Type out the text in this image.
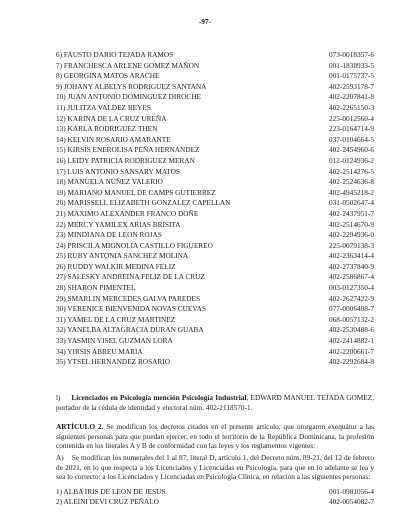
-97-
6) FAUSTO DARIO TEJADA RAMOS	073-0018357-6
7) FRANCHESCA ARLENE GOMEZ MAÑON	001-1838933-5
8) GEORGINA MATOS ARACHE	001-0175737-5
9) JOHANY ALBELYS RODRIGUEZ SANTANA	402-2593178-7
10) JUAN ANTONIO DOMINGUEZ DIROCHE	402-2207841-8
11) JULITZA VALDEZ REYES	402-2265150-3
12) KARINA DE LA CRUZ UREÑA	225-0012560-4
13) KARLA RODRIGUEZ THEN	223-0164714-9
14) KELVIN ROSARIO AMARANTE	037-0104664-5
15) KIRSIS ENEROLISA PEÑA HERNANDEZ	402-2454960-6
16) LEIDY PATRICIA RODRIGUEZ MERAN	012-0124936-2
17) LUIS ANTONIO SANSARY MATOS	402-2514276-5
18) MANUELA NUÑEZ VALERIO	402-2524636-8
19) MARIANO MANUEL DE CAMPS GUTIERREZ	402-4945218-2
20) MARISSELL ELIZABETH GONZALEZ CAPELLAN	031-0502647-4
21) MAXIMO ALEXANDER FRANCO DOÑE	402-2437951-7
22) MERCY YAMILEX ARIAS BRISITA	402-2514670-9
23) MINDIANA DE LEON ROJAS	402-2294936-0
24) PRISCILA MIGNOLIA CASTILLO FIGUEREO	225-0079138-3
25) RUBY ANTONIA SANCHEZ MOLINA	402-2363414-4
26) RUDDY WALKIR MEDINA FELIZ	402-2737840-9
27) SALESKY ANDREINA FELIZ DE LA CRUZ	402-2586867-4
28) SHARON PIMENTEL	003-0127350-4
29) SMARLIN MERCEDES GALVA PAREDES	402-2627422-9
30) VERENICE BIENVENIDA NOVAS CUEVAS	077-0006408-7
31) YAMEL DE LA CRUZ MARTINEZ	068-0057132-2
32) YANELBA ALTAGRACIA DURAN GUABA	402-2530488-6
33) YASMIN YISEL GUZMAN LORA	402-2414882-1
34) YIRSIS ABREU MARIA	402-2200661-7
35) YTSEL HERNANDEZ ROSARIO	402-2292684-8

l) Licenciados en Psicología mención Psicología Industrial, EDWARD MANUEL TEJADA GOMEZ, portador de la cédula de identidad y electoral núm. 402-2118570-1.

ARTÍCULO 2. Se modifican los decretos citados en el presente artículo, que otorgaron exequátur a las siguientes personas para que puedan ejercer, en todo el territorio de la República Dominicana, la profesión contenida en los literales A y B de conformidad con las leyes y los reglamentos vigentes:

A) Se modifican los numerales del 1 al 87, literal D, artículo 1, del Decreto núm. 89-21, del 12 de febrero de 2021, en lo que respecta a los Licenciados y Licenciadas en Psicología, para que en lo adelante se lea y sea lo correcto: a los Licenciados y Licenciadas en Psicología Clínica, en relación a las siguientes personas:

1) ALBA IRIS DE LEON DE JESUS	001-0981056-4
2) ALEINI DEVI CRUZ PEÑALO	402-0054082-7
